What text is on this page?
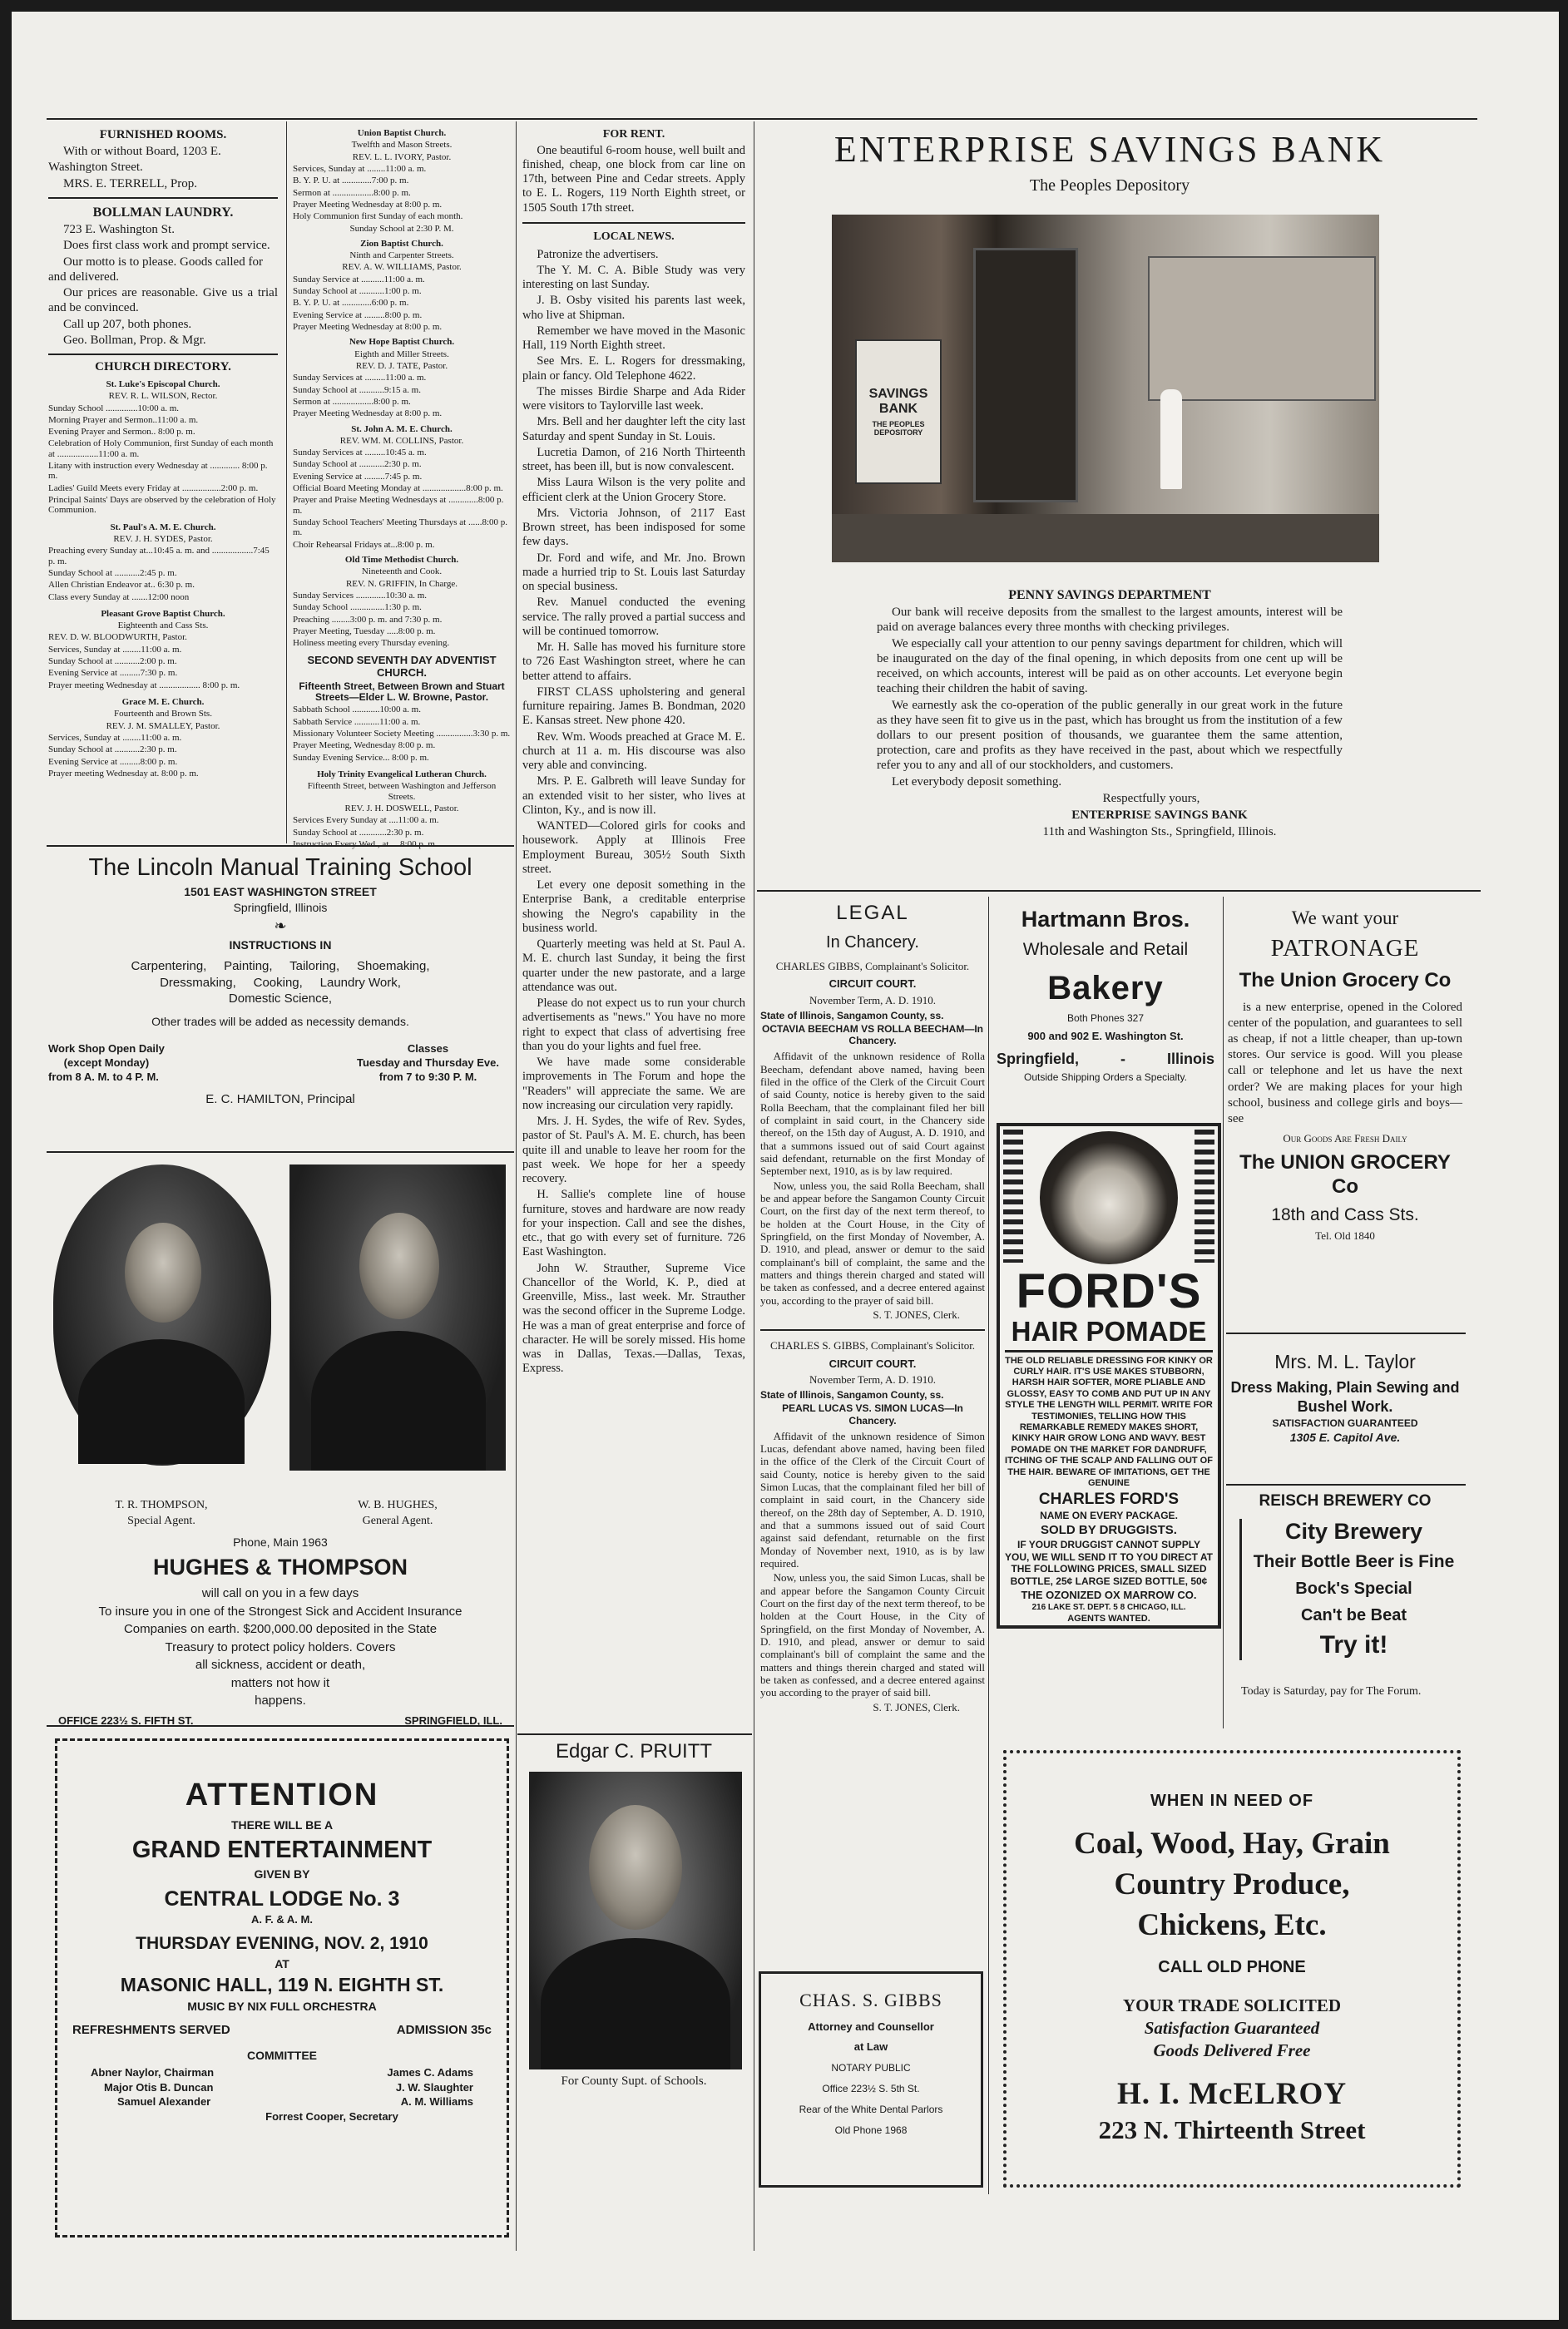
FURNISHED ROOMS.

With or without Board, 1203 E.

Washington Street.

MRS. E. TERRELL, Prop.

BOLLMAN LAUNDRY.

723 E. Washington St.

Does first class work and prompt service.

Our motto is to please. Goods called for and delivered.

Our prices are reasonable. Give us a trial and be convinced.

Call up 207, both phones.

Geo. Bollman, Prop. & Mgr.

CHURCH DIRECTORY.

St. Luke's Episcopal Church.

REV. R. L. WILSON, Rector.

Sunday School ..............10:00 a. m.

Morning Prayer and Sermon..11:00 a. m.

Evening Prayer and Sermon.. 8:00 p. m.

Celebration of Holy Communion, first Sunday of each month at ..................11:00 a. m.

Litany with instruction every Wednesday at ............. 8:00 p. m.

Ladies' Guild Meets every Friday at .................2:00 p. m.

Principal Saints' Days are observed by the celebration of Holy Communion.

St. Paul's A. M. E. Church.

REV. J. H. SYDES, Pastor.

Preaching every Sunday at...10:45 a. m. and ..................7:45 p. m.

Sunday School at ...........2:45 p. m.

Allen Christian Endeavor at.. 6:30 p. m.

Class every Sunday at .......12:00 noon

Pleasant Grove Baptist Church.

Eighteenth and Cass Sts.

REV. D. W. BLOODWURTH, Pastor.

Services, Sunday at ........11:00 a. m.

Sunday School at ...........2:00 p. m.

Evening Service at .........7:30 p. m.

Prayer meeting Wednesday at .................. 8:00 p. m.

Grace M. E. Church.

Fourteenth and Brown Sts.

REV. J. M. SMALLEY, Pastor.

Services, Sunday at ........11:00 a. m.

Sunday School at ...........2:30 p. m.

Evening Service at .........8:00 p. m.

Prayer meeting Wednesday at. 8:00 p. m.

Union Baptist Church.

Twelfth and Mason Streets.

REV. L. L. IVORY, Pastor.

Services, Sunday at ........11:00 a. m.

B. Y. P. U. at .............7:00 p. m.

Sermon at ..................8:00 p. m.

Prayer Meeting Wednesday at 8:00 p. m.

Holy Communion first Sunday of each month.

Sunday School at 2:30 P. M.

Zion Baptist Church.

Ninth and Carpenter Streets.

REV. A. W. WILLIAMS, Pastor.

Sunday Service at ..........11:00 a. m.

Sunday School at ...........1:00 p. m.

B. Y. P. U. at .............6:00 p. m.

Evening Service at .........8:00 p. m.

Prayer Meeting Wednesday at 8:00 p. m.

New Hope Baptist Church.

Eighth and Miller Streets.

REV. D. J. TATE, Pastor.

Sunday Services at .........11:00 a. m.

Sunday School at ...........9:15 a. m.

Sermon at ..................8:00 p. m.

Prayer Meeting Wednesday at 8:00 p. m.

St. John A. M. E. Church.

REV. WM. M. COLLINS, Pastor.

Sunday Services at .........10:45 a. m.

Sunday School at ...........2:30 p. m.

Evening Service at .........7:45 p. m.

Official Board Meeting Monday at ...................8:00 p. m.

Prayer and Praise Meeting Wednesdays at .............8:00 p. m.

Sunday School Teachers' Meeting Thursdays at ......8:00 p. m.

Choir Rehearsal Fridays at...8:00 p. m.

Old Time Methodist Church.

Nineteenth and Cook.

REV. N. GRIFFIN, In Charge.

Sunday Services .............10:30 a. m.

Sunday School ...............1:30 p. m.

Preaching ........3:00 p. m. and 7:30 p. m.

Prayer Meeting, Tuesday .....8:00 p. m.

Holiness meeting every Thursday evening.

SECOND SEVENTH DAY ADVENTIST CHURCH.

Fifteenth Street, Between Brown and Stuart Streets—Elder L. W. Browne, Pastor.

Sabbath School ............10:00 a. m.

Sabbath Service ...........11:00 a. m.

Missionary Volunteer Society Meeting ................3:30 p. m.

Prayer Meeting, Wednesday 8:00 p. m.

Sunday Evening Service... 8:00 p. m.

Holy Trinity Evangelical Lutheran Church.

Fifteenth Street, between Washington and Jefferson Streets.

REV. J. H. DOSWELL, Pastor.

Services Every Sunday at ....11:00 a. m.

Sunday School at ............2:30 p. m.

Instruction Every Wed., at.....8:00 p. m.

The Lincoln Manual Training School

1501 EAST WASHINGTON STREET

Springfield, Illinois

❧

INSTRUCTIONS IN

Carpentering,     Painting,     Tailoring,     Shoemaking,

Dressmaking,     Cooking,     Laundry Work,

Domestic Science,

Other trades will be added as necessity demands.

Work Shop Open Daily

(except Monday)

from 8 A. M. to 4 P. M.

Classes

Tuesday and Thursday Eve.

from 7 to 9:30 P. M.

E. C. HAMILTON, Principal

T. R. THOMPSON,

Special Agent.

W. B. HUGHES,

General Agent.

Phone, Main 1963

HUGHES & THOMPSON

will call on you in a few days

To insure you in one of the Strongest Sick and Accident Insurance

Companies on earth. $200,000.00 deposited in the State

Treasury to protect policy holders. Covers

all sickness, accident or death,

matters not how it

happens.

OFFICE 223½ S. FIFTH ST.	SPRINGFIELD, ILL.

ATTENTION

THERE WILL BE A

GRAND ENTERTAINMENT

GIVEN BY

CENTRAL LODGE No. 3

A. F. & A. M.

THURSDAY EVENING, NOV. 2, 1910

AT

MASONIC HALL, 119 N. EIGHTH ST.

MUSIC BY NIX FULL ORCHESTRA

REFRESHMENTS SERVED	ADMISSION 35c

COMMITTEE

Abner Naylor, Chairman	James C. Adams
Major Otis B. Duncan	J. W. Slaughter
Samuel Alexander	A. M. Williams
Forrest Cooper, Secretary

FOR RENT.

One beautiful 6-room house, well built and finished, cheap, one block from car line on 17th, between Pine and Cedar streets. Apply to E. L. Rogers, 119 North Eighth street, or 1505 South 17th street.

LOCAL NEWS.

Patronize the advertisers.

The Y. M. C. A. Bible Study was very interesting on last Sunday.

J. B. Osby visited his parents last week, who live at Shipman.

Remember we have moved in the Masonic Hall, 119 North Eighth street.

See Mrs. E. L. Rogers for dressmaking, plain or fancy. Old Telephone 4622.

The misses Birdie Sharpe and Ada Rider were visitors to Taylorville last week.

Mrs. Bell and her daughter left the city last Saturday and spent Sunday in St. Louis.

Lucretia Damon, of 216 North Thirteenth street, has been ill, but is now convalescent.

Miss Laura Wilson is the very polite and efficient clerk at the Union Grocery Store.

Mrs. Victoria Johnson, of 2117 East Brown street, has been indisposed for some few days.

Dr. Ford and wife, and Mr. Jno. Brown made a hurried trip to St. Louis last Saturday on special business.

Rev. Manuel conducted the evening service. The rally proved a partial success and will be continued tomorrow.

Mr. H. Salle has moved his furniture store to 726 East Washington street, where he can better attend to affairs.

FIRST CLASS upholstering and general furniture repairing. James B. Bondman, 2020 E. Kansas street. New phone 420.

Rev. Wm. Woods preached at Grace M. E. church at 11 a. m. His discourse was also very able and convincing.

Mrs. P. E. Galbreth will leave Sunday for an extended visit to her sister, who lives at Clinton, Ky., and is now ill.

WANTED—Colored girls for cooks and housework. Apply at Illinois Free Employment Bureau, 305½ South Sixth street.

Let every one deposit something in the Enterprise Bank, a creditable enterprise showing the Negro's capability in the business world.

Quarterly meeting was held at St. Paul A. M. E. church last Sunday, it being the first quarter under the new pastorate, and a large attendance was out.

Please do not expect us to run your church advertisements as "news." You have no more right to expect that class of advertising free than you do your lights and fuel free.

We have made some considerable improvements in The Forum and hope the "Readers" will appreciate the same. We are now increasing our circulation very rapidly.

Mrs. J. H. Sydes, the wife of Rev. Sydes, pastor of St. Paul's A. M. E. church, has been quite ill and unable to leave her room for the past week. We hope for her a speedy recovery.

H. Sallie's complete line of house furniture, stoves and hardware are now ready for your inspection. Call and see the dishes, etc., that go with every set of furniture. 726 East Washington.

John W. Strauther, Supreme Vice Chancellor of the World, K. P., died at Greenville, Miss., last week. Mr. Strauther was the second officer in the Supreme Lodge. He was a man of great enterprise and force of character. He will be sorely missed. His home was in Dallas, Texas.—Dallas, Texas, Express.

Edgar C. PRUITT

For County Supt. of Schools.

ENTERPRISE SAVINGS BANK

The Peoples Depository

SAVINGS BANK
THE PEOPLES DEPOSITORY

PENNY SAVINGS DEPARTMENT

Our bank will receive deposits from the smallest to the largest amounts, interest will be paid on average balances every three months with checking privileges.

We especially call your attention to our penny savings department for children, which will be inaugurated on the day of the final opening, in which deposits from one cent up will be received, on which accounts, interest will be paid as on other accounts. Let everyone begin teaching their children the habit of saving.

We earnestly ask the co-operation of the public generally in our great work in the future as they have seen fit to give us in the past, which has brought us from the institution of a few dollars to our present position of thousands, we guarantee them the same attention, protection, care and profits as they have received in the past, about which we respectfully refer you to any and all of our stockholders, and customers.

Let everybody deposit something.

Respectfully yours,

ENTERPRISE SAVINGS BANK

11th and Washington Sts., Springfield, Illinois.

LEGAL

In Chancery.

CHARLES GIBBS, Complainant's Solicitor.

CIRCUIT COURT.

November Term, A. D. 1910.

State of Illinois, Sangamon County, ss.

OCTAVIA BEECHAM VS ROLLA BEECHAM—In Chancery.

Affidavit of the unknown residence of Rolla Beecham, defendant above named, having been filed in the office of the Clerk of the Circuit Court of said County, notice is hereby given to the said Rolla Beecham, that the complainant filed her bill of complaint in said court, in the Chancery side thereof, on the 15th day of August, A. D. 1910, and that a summons issued out of said Court against said defendant, returnable on the first Monday of September next, 1910, as is by law required.

Now, unless you, the said Rolla Beecham, shall be and appear before the Sangamon County Circuit Court, on the first day of the next term thereof, to be holden at the Court House, in the City of Springfield, on the first Monday of November, A. D. 1910, and plead, answer or demur to the said complainant's bill of complaint, the same and the matters and things therein charged and stated will be taken as confessed, and a decree entered against you, according to the prayer of said bill.

S. T. JONES, Clerk.

CHARLES S. GIBBS, Complainant's Solicitor.

CIRCUIT COURT.

November Term, A. D. 1910.

State of Illinois, Sangamon County, ss.

PEARL LUCAS VS. SIMON LUCAS—In Chancery.

Affidavit of the unknown residence of Simon Lucas, defendant above named, having been filed in the office of the Clerk of the Circuit Court of said County, notice is hereby given to the said Simon Lucas, that the complainant filed her bill of complaint in said court, in the Chancery side thereof, on the 28th day of September, A. D. 1910, and that a summons issued out of said Court against said defendant, returnable on the first Monday of November next, 1910, as is by law required.

Now, unless you, the said Simon Lucas, shall be and appear before the Sangamon County Circuit Court on the first day of the next term thereof, to be holden at the Court House, in the City of Springfield, on the first Monday of November, A. D. 1910, and plead, answer or demur to said complainant's bill of complaint the same and the matters and things therein charged and stated will be taken as confessed, and a decree entered against you according to the prayer of said bill.

S. T. JONES, Clerk.

CHAS. S. GIBBS

Attorney and Counsellor

at Law

NOTARY PUBLIC

Office 223½ S. 5th St.

Rear of the White Dental Parlors

Old Phone 1968

Hartmann Bros.

Wholesale and Retail

Bakery

Both Phones 327

900 and 902 E. Washington St.

Springfield,	-	Illinois

Outside Shipping Orders a Specialty.

FORD'S

HAIR POMADE

THE OLD RELIABLE DRESSING FOR KINKY OR CURLY HAIR. IT'S USE MAKES STUBBORN, HARSH HAIR SOFTER, MORE PLIABLE AND GLOSSY, EASY TO COMB AND PUT UP IN ANY STYLE THE LENGTH WILL PERMIT. WRITE FOR TESTIMONIES, TELLING HOW THIS REMARKABLE REMEDY MAKES SHORT, KINKY HAIR GROW LONG AND WAVY. BEST POMADE ON THE MARKET FOR DANDRUFF, ITCHING OF THE SCALP AND FALLING OUT OF THE HAIR. BEWARE OF IMITATIONS, GET THE GENUINE

CHARLES FORD'S

NAME ON EVERY PACKAGE.

SOLD BY DRUGGISTS.

IF YOUR DRUGGIST CANNOT SUPPLY YOU, WE WILL SEND IT TO YOU DIRECT AT THE FOLLOWING PRICES, SMALL SIZED BOTTLE, 25¢ LARGE SIZED BOTTLE, 50¢

THE OZONIZED OX MARROW CO.

216 LAKE ST. DEPT. 5 8 CHICAGO, ILL.

AGENTS WANTED.

We want your

PATRONAGE

The Union Grocery Co

is a new enterprise, opened in the Colored center of the population, and guarantees to sell as cheap, if not a little cheaper, than up-town stores. Our service is good. Will you please call or telephone and let us have the next order? We are making places for your high school, business and college girls and boys—see

Our Goods Are Fresh Daily

The UNION GROCERY Co

18th and Cass Sts.

Tel. Old 1840

Mrs. M. L. Taylor

Dress Making, Plain Sewing and Bushel Work.

SATISFACTION GUARANTEED

1305 E. Capitol Ave.

REISCH BREWERY CO

City Brewery

Their Bottle Beer is Fine

Bock's Special

Can't be Beat

Try it!

Today is Saturday, pay for The Forum.

WHEN IN NEED OF

Coal, Wood, Hay, Grain

Country Produce,

Chickens, Etc.

CALL OLD PHONE

YOUR TRADE SOLICITED

Satisfaction Guaranteed

Goods Delivered Free

H. I. McELROY

223 N. Thirteenth Street
